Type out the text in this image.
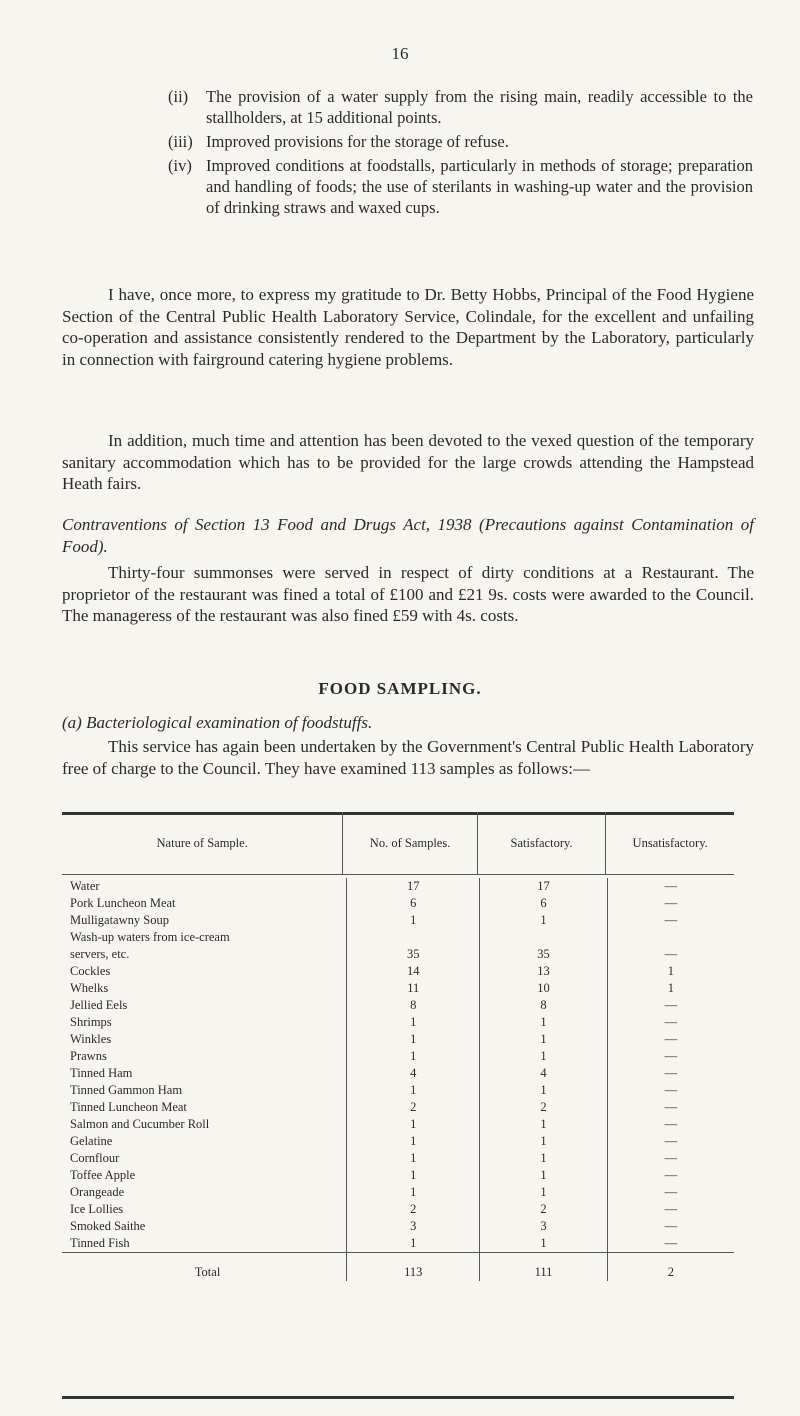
16
(ii) The provision of a water supply from the rising main, readily accessible to the stallholders, at 15 additional points.
(iii) Improved provisions for the storage of refuse.
(iv) Improved conditions at foodstalls, particularly in methods of storage; preparation and handling of foods; the use of sterilants in washing-up water and the provision of drinking straws and waxed cups.

I have, once more, to express my gratitude to Dr. Betty Hobbs, Principal of the Food Hygiene Section of the Central Public Health Laboratory Service, Colindale, for the excellent and unfailing co-operation and assistance consistently rendered to the Department by the Laboratory, particularly in connection with fairground catering hygiene problems.

In addition, much time and attention has been devoted to the vexed question of the temporary sanitary accommodation which has to be provided for the large crowds attending the Hampstead Heath fairs.

Contraventions of Section 13 Food and Drugs Act, 1938 (Precautions against Contamination of Food).

Thirty-four summonses were served in respect of dirty conditions at a Restaurant. The proprietor of the restaurant was fined a total of £100 and £21 9s. costs were awarded to the Council. The manageress of the restaurant was also fined £59 with 4s. costs.

FOOD SAMPLING.

(a) Bacteriological examination of foodstuffs.

This service has again been undertaken by the Government's Central Public Health Laboratory free of charge to the Council. They have examined 113 samples as follows:—

Nature of Sample.	No. of Samples.	Satisfactory.	Unsatisfactory.
Water	17	17	—
Pork Luncheon Meat	6	6	—
Mulligatawny Soup	1	1	—
Wash-up waters from ice-cream			
servers, etc.	35	35	—
Cockles	14	13	1
Whelks	11	10	1
Jellied Eels	8	8	—
Shrimps	1	1	—
Winkles	1	1	—
Prawns	1	1	—
Tinned Ham	4	4	—
Tinned Gammon Ham	1	1	—
Tinned Luncheon Meat	2	2	—
Salmon and Cucumber Roll	1	1	—
Gelatine	1	1	—
Cornflour	1	1	—
Toffee Apple	1	1	—
Orangeade	1	1	—
Ice Lollies	2	2	—
Smoked Saithe	3	3	—
Tinned Fish	1	1	—
Total	113	111	2
